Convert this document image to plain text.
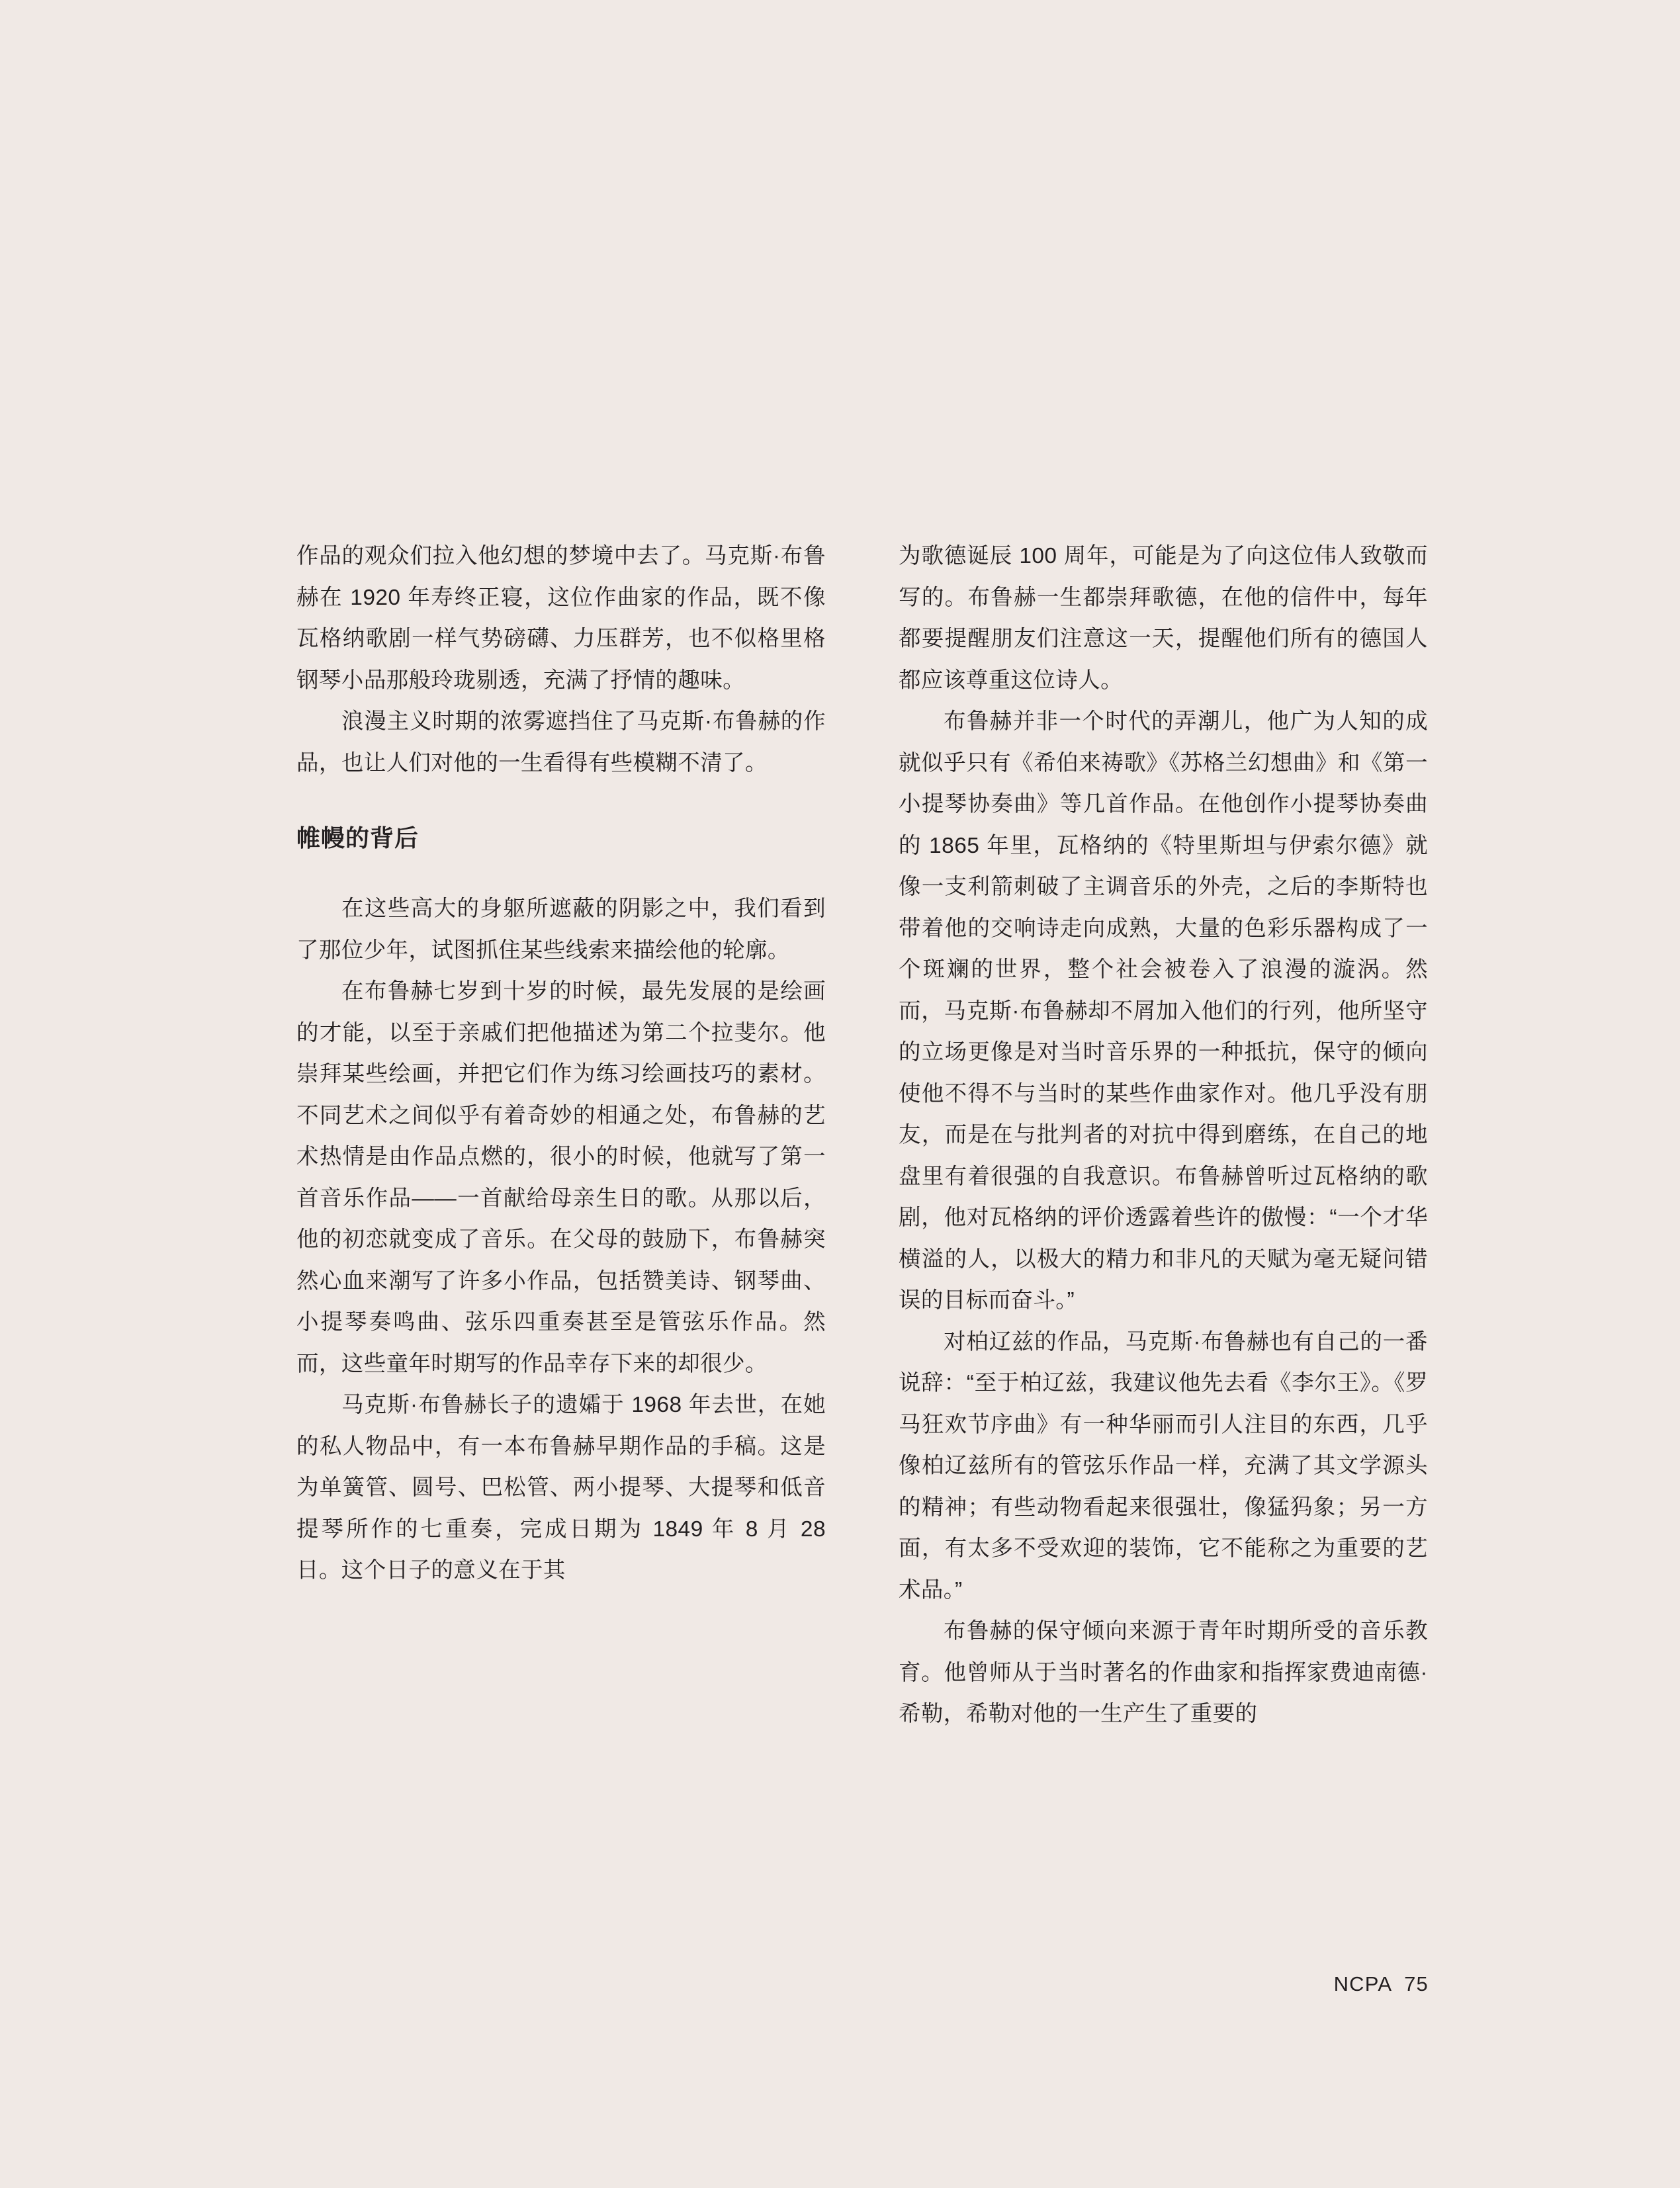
作品的观众们拉入他幻想的梦境中去了。马克斯·布鲁赫在 1920 年寿终正寝，这位作曲家的作品，既不像瓦格纳歌剧一样气势磅礴、力压群芳，也不似格里格钢琴小品那般玲珑剔透，充满了抒情的趣味。

浪漫主义时期的浓雾遮挡住了马克斯·布鲁赫的作品，也让人们对他的一生看得有些模糊不清了。

帷幔的背后

在这些高大的身躯所遮蔽的阴影之中，我们看到了那位少年，试图抓住某些线索来描绘他的轮廓。

在布鲁赫七岁到十岁的时候，最先发展的是绘画的才能，以至于亲戚们把他描述为第二个拉斐尔。他崇拜某些绘画，并把它们作为练习绘画技巧的素材。不同艺术之间似乎有着奇妙的相通之处，布鲁赫的艺术热情是由作品点燃的，很小的时候，他就写了第一首音乐作品——一首献给母亲生日的歌。从那以后，他的初恋就变成了音乐。在父母的鼓励下，布鲁赫突然心血来潮写了许多小作品，包括赞美诗、钢琴曲、小提琴奏鸣曲、弦乐四重奏甚至是管弦乐作品。然而，这些童年时期写的作品幸存下来的却很少。

马克斯·布鲁赫长子的遗孀于 1968 年去世，在她的私人物品中，有一本布鲁赫早期作品的手稿。这是为单簧管、圆号、巴松管、两小提琴、大提琴和低音提琴所作的七重奏，完成日期为 1849 年 8 月 28 日。这个日子的意义在于其

为歌德诞辰 100 周年，可能是为了向这位伟人致敬而写的。布鲁赫一生都崇拜歌德，在他的信件中，每年都要提醒朋友们注意这一天，提醒他们所有的德国人都应该尊重这位诗人。

布鲁赫并非一个时代的弄潮儿，他广为人知的成就似乎只有《希伯来祷歌》《苏格兰幻想曲》和《第一小提琴协奏曲》等几首作品。在他创作小提琴协奏曲的 1865 年里，瓦格纳的《特里斯坦与伊索尔德》就像一支利箭刺破了主调音乐的外壳，之后的李斯特也带着他的交响诗走向成熟，大量的色彩乐器构成了一个斑斓的世界，整个社会被卷入了浪漫的漩涡。然而，马克斯·布鲁赫却不屑加入他们的行列，他所坚守的立场更像是对当时音乐界的一种抵抗，保守的倾向使他不得不与当时的某些作曲家作对。他几乎没有朋友，而是在与批判者的对抗中得到磨练，在自己的地盘里有着很强的自我意识。布鲁赫曾听过瓦格纳的歌剧，他对瓦格纳的评价透露着些许的傲慢：“一个才华横溢的人，以极大的精力和非凡的天赋为毫无疑问错误的目标而奋斗。”

对柏辽兹的作品，马克斯·布鲁赫也有自己的一番说辞：“至于柏辽兹，我建议他先去看《李尔王》。《罗马狂欢节序曲》有一种华丽而引人注目的东西，几乎像柏辽兹所有的管弦乐作品一样，充满了其文学源头的精神；有些动物看起来很强壮，像猛犸象；另一方面，有太多不受欢迎的装饰，它不能称之为重要的艺术品。”

布鲁赫的保守倾向来源于青年时期所受的音乐教育。他曾师从于当时著名的作曲家和指挥家费迪南德·希勒，希勒对他的一生产生了重要的

NCPA  75
